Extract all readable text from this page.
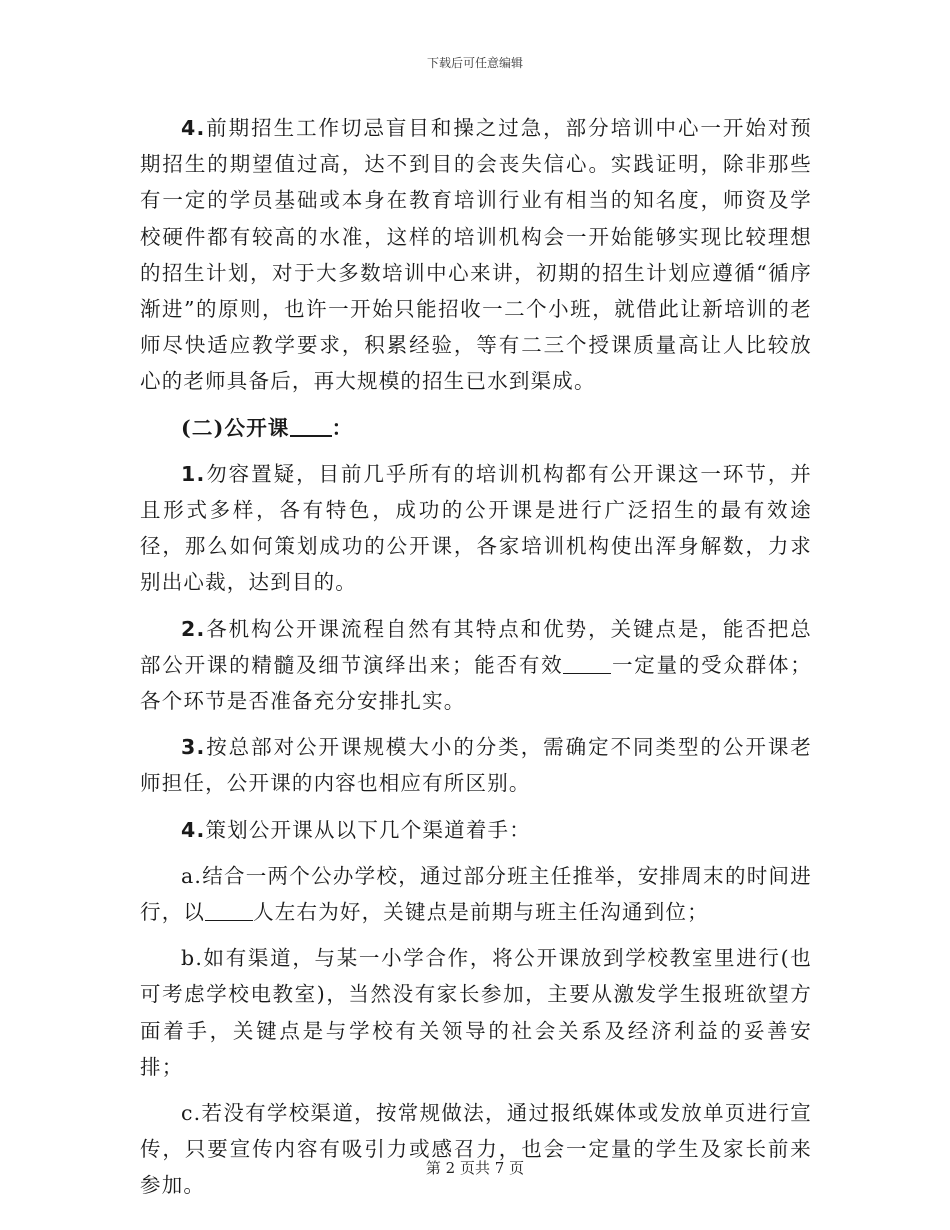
下载后可任意编辑

4.前期招生工作切忌盲目和操之过急，部分培训中心一开始对预期招生的期望值过高，达不到目的会丧失信心。实践证明，除非那些有一定的学员基础或本身在教育培训行业有相当的知名度，师资及学校硬件都有较高的水准，这样的培训机构会一开始能够实现比较理想的招生计划，对于大多数培训中心来讲，初期的招生计划应遵循“循序渐进”的原则，也许一开始只能招收一二个小班，就借此让新培训的老师尽快适应教学要求，积累经验，等有二三个授课质量高让人比较放心的老师具备后，再大规模的招生已水到渠成。

(二)公开课 ：

1.勿容置疑，目前几乎所有的培训机构都有公开课这一环节，并且形式多样，各有特色，成功的公开课是进行广泛招生的最有效途径，那么如何策划成功的公开课，各家培训机构使出浑身解数，力求别出心裁，达到目的。

2.各机构公开课流程自然有其特点和优势，关键点是，能否把总部公开课的精髓及细节演绎出来；能否有效 一定量的受众群体；各个环节是否准备充分安排扎实。

3.按总部对公开课规模大小的分类，需确定不同类型的公开课老师担任，公开课的内容也相应有所区别。

4.策划公开课从以下几个渠道着手：

a.结合一两个公办学校，通过部分班主任推举，安排周末的时间进行，以 人左右为好，关键点是前期与班主任沟通到位；

b.如有渠道，与某一小学合作，将公开课放到学校教室里进行(也可考虑学校电教室)，当然没有家长参加，主要从激发学生报班欲望方面着手，关键点是与学校有关领导的社会关系及经济利益的妥善安排；

c.若没有学校渠道，按常规做法，通过报纸媒体或发放单页进行宣传，只要宣传内容有吸引力或感召力，也会一定量的学生及家长前来参加。

第 2 页共 7 页
